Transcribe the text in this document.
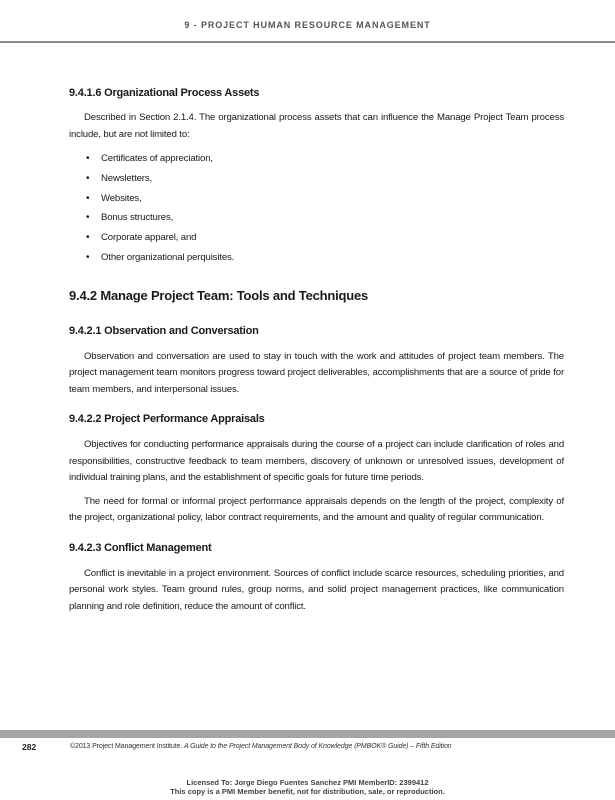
9 - PROJECT HUMAN RESOURCE MANAGEMENT
9.4.1.6 Organizational Process Assets

Described in Section 2.1.4. The organizational process assets that can influence the Manage Project Team process include, but are not limited to:

• Certificates of appreciation,
• Newsletters,
• Websites,
• Bonus structures,
• Corporate apparel, and
• Other organizational perquisites.
9.4.2 Manage Project Team: Tools and Techniques
9.4.2.1 Observation and Conversation

Observation and conversation are used to stay in touch with the work and attitudes of project team members. The project management team monitors progress toward project deliverables, accomplishments that are a source of pride for team members, and interpersonal issues.

9.4.2.2 Project Performance Appraisals

Objectives for conducting performance appraisals during the course of a project can include clarification of roles and responsibilities, constructive feedback to team members, discovery of unknown or unresolved issues, development of individual training plans, and the establishment of specific goals for future time periods.

The need for formal or informal project performance appraisals depends on the length of the project, complexity of the project, organizational policy, labor contract requirements, and the amount and quality of regular communication.

9.4.2.3 Conflict Management

Conflict is inevitable in a project environment. Sources of conflict include scarce resources, scheduling priorities, and personal work styles. Team ground rules, group norms, and solid project management practices, like communication planning and role definition, reduce the amount of conflict.

282	©2013 Project Management Institute. A Guide to the Project Management Body of Knowledge (PMBOK® Guide) – Fifth Edition
Licensed To: Jorge Diego Fuentes Sanchez PMI MemberID: 2399412
This copy is a PMI Member benefit, not for distribution, sale, or reproduction.
